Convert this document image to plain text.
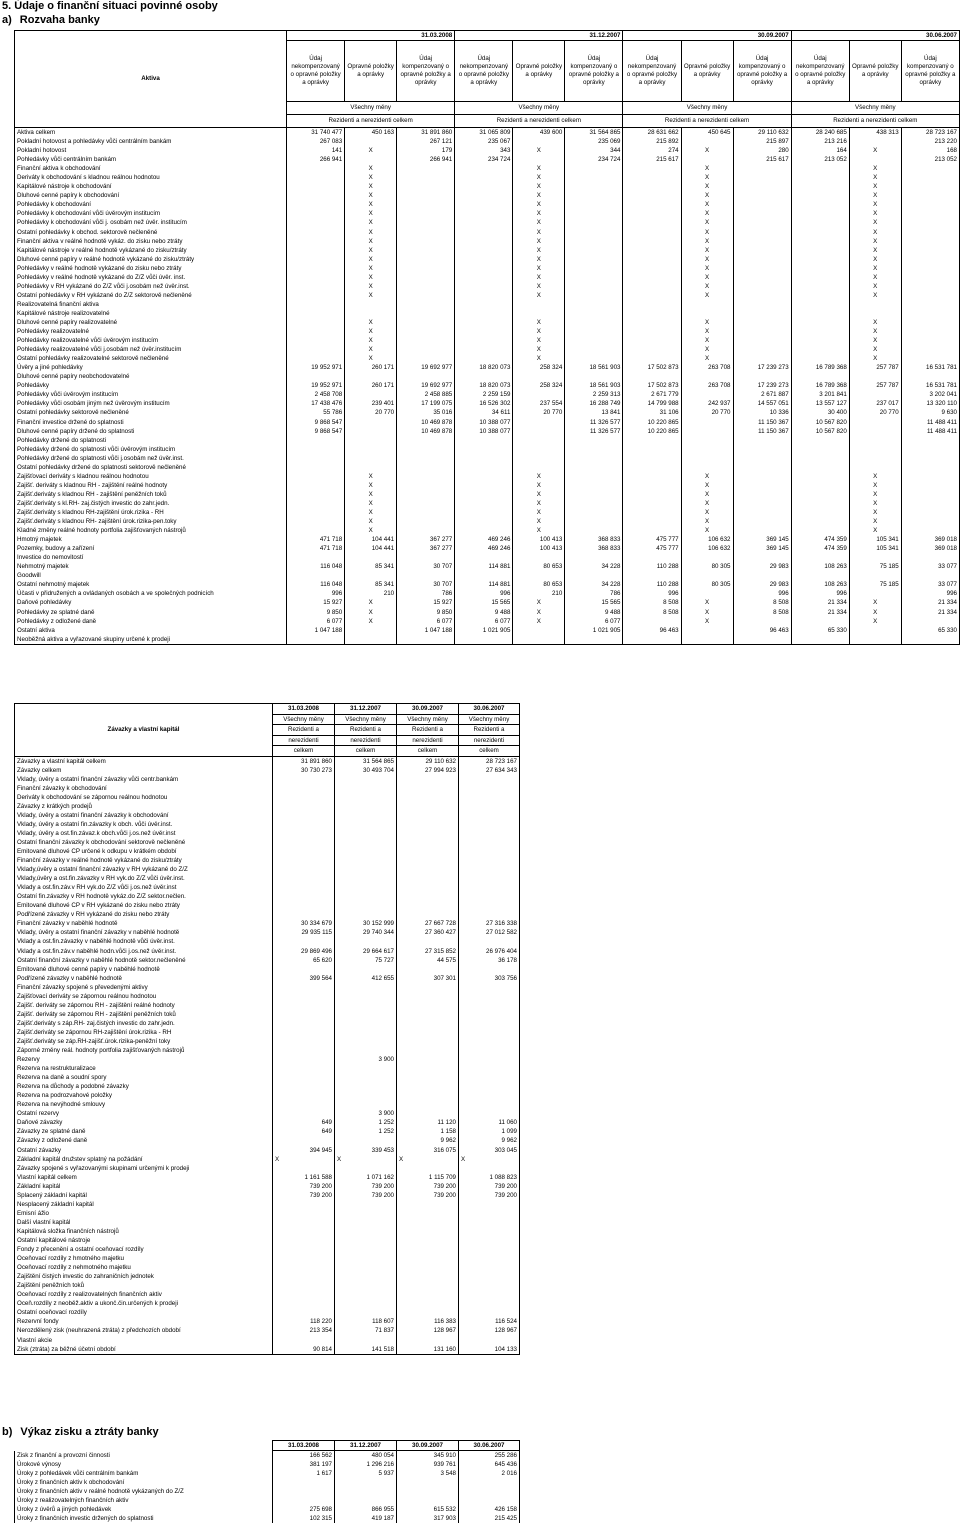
5. Údaje o finanční situaci povinné osoby
a) Rozvaha banky
Aktiva	31.03.2008			31.12.2007			30.09.2007			30.06.2007		
	Údaj nekompenzovaný o opravné položky a oprávky	Opravné položky a oprávky	Údaj kompenzovaný o opravné položky a oprávky	Údaj nekompenzovaný o opravné položky a oprávky	Opravné položky a oprávky	Údaj kompenzovaný o opravné položky a oprávky	Údaj nekompenzovaný o opravné položky a oprávky	Opravné položky a oprávky	Údaj kompenzovaný o opravné položky a oprávky	Údaj nekompenzovaný o opravné položky a oprávky	Opravné položky a oprávky	Údaj kompenzovaný o opravné položky a oprávky
	Všechny měny			Všechny měny			Všechny měny			Všechny měny		
	Rezidenti a nerezidenti celkem			Rezidenti a nerezidenti celkem			Rezidenti a nerezidenti celkem			Rezidenti a nerezidenti celkem		
Aktiva celkem	31 740 477	450 163	31 891 860	31 065 809	439 600	31 564 865	28 631 662	450 645	29 110 632	28 240 685	438 313	28 723 167
Pokladní hotovost a pohledávky vůči centrálním bankám	267 083		267 121	235 067		235 069	215 892		215 897	213 216		213 220
Pokladní hotovost	141	X	179	343	X	344	274	X	280	164	X	168
Pohledávky vůči centrálním bankám	266 941		266 941	234 724		234 724	215 617		215 617	213 052		213 052
Finanční aktiva k obchodování		X			X			X			X	
Deriváty k obchodování s kladnou reálnou hodnotou		X			X			X			X	
Kapitálové nástroje k obchodování		X			X			X			X	
Dluhové cenné papíry k obchodování		X			X			X			X	
Pohledávky k obchodování		X			X			X			X	
Pohledávky k obchodování vůči úvěrovým institucím		X			X			X			X	
Pohledávky k obchodování vůči j. osobám než úvěr. institucím		X			X			X			X	
Ostatní pohledávky k obchod. sektorově nečleněné		X			X			X			X	
Finanční aktiva v reálné hodnotě vykáz. do zisku nebo ztráty		X			X			X			X	
Kapitálové nástroje v reálné hodnotě vykázané do zisku/ztráty		X			X			X			X	
Dluhové cenné papíry v reálné hodnotě vykázané do zisku/ztráty		X			X			X			X	
Pohledávky v reálné hodnotě vykázané do zisku nebo ztráty		X			X			X			X	
Pohledávky v reálné hodnotě vykázané do Z/Z vůči úvěr. inst.		X			X			X			X	
Pohledávky v RH vykázané do Z/Z vůči j.osobám než úvěr.inst.		X			X			X			X	
Ostatní pohledávky v RH vykázané do Z/Z sektorově nečleněné		X			X			X			X	
Realizovatelná finanční aktiva												
Kapitálové nástroje realizovatelné												
Dluhové cenné papíry realizovatelné		X			X			X			X	
Pohledávky realizovatelné		X			X			X			X	
Pohledávky realizovatelné vůči úvěrovým institucím		X			X			X			X	
Pohledávky realizovatelné vůči j.osobám než úvěr.institucím		X			X			X			X	
Ostatní pohledávky realizovatelné sektorově nečleněné		X			X			X			X	
Úvěry a jiné pohledávky	19 952 971	260 171	19 692 977	18 820 073	258 324	18 561 903	17 502 873	263 708	17 239 273	16 789 368	257 787	16 531 781
Dluhové cenné papíry neobchodovatelné												
Pohledávky	19 952 971	260 171	19 692 977	18 820 073	258 324	18 561 903	17 502 873	263 708	17 239 273	16 789 368	257 787	16 531 781
Pohledávky vůči úvěrovým institucím	2 458 708		2 458 885	2 259 159		2 259 313	2 671 779		2 671 887	3 201 841		3 202 041
Pohledávky vůči osobám jiným než úvěrovým institucím	17 438 476	239 401	17 199 075	16 526 302	237 554	16 288 749	14 799 988	242 937	14 557 051	13 557 127	237 017	13 320 110
Ostatní pohledávky sektorově nečleněné	55 786	20 770	35 016	34 611	20 770	13 841	31 106	20 770	10 336	30 400	20 770	9 630
Finanční investice držené do splatnosti	9 868 547		10 469 878	10 388 077		11 326 577	10 220 865		11 150 367	10 567 820		11 488 411
Dluhové cenné papíry držené do splatnosti	9 868 547		10 469 878	10 388 077		11 326 577	10 220 865		11 150 367	10 567 820		11 488 411
Pohledávky držené do splatnosti												
Pohledávky držené do splatnosti vůči úvěrovým institucím												
Pohledávky držené do splatnosti vůči j.osobám než úvěr.inst.												
Ostatní pohledávky držené do splatnosti sektorově nečleněné												
Zajišťovací deriváty s kladnou reálnou hodnotou		X			X			X			X	
Zajišť. deriváty s kladnou RH - zajištění reálné hodnoty		X			X			X			X	
Zajišť.deriváty s kladnou RH - zajištění peněžních toků		X			X			X			X	
Zajišť.deriváty s kl.RH- zaj.čistých investic do zahr.jedn.		X			X			X			X	
Zajišť.deriváty s kladnou RH-zajištění úrok.rizika - RH		X			X			X			X	
Zajišť.deriváty s kladnou RH- zajištění úrok.rizika-pen.toky		X			X			X			X	
Kladné změny reálné hodnoty portfolia zajišťovaných nástrojů		X			X			X			X	
Hmotný majetek	471 718	104 441	367 277	469 246	100 413	368 833	475 777	106 632	369 145	474 359	105 341	369 018
Pozemky, budovy a zařízení	471 718	104 441	367 277	469 246	100 413	368 833	475 777	106 632	369 145	474 359	105 341	369 018
Investice do nemovitostí												
Nehmotný majetek	116 048	85 341	30 707	114 881	80 653	34 228	110 288	80 305	29 983	108 263	75 185	33 077
Goodwill												
Ostatní nehmotný majetek	116 048	85 341	30 707	114 881	80 653	34 228	110 288	80 305	29 983	108 263	75 185	33 077
Účasti v přidružených a ovládaných osobách a ve společných podnicích	996	210	786	996	210	786	996		996	996		996
Daňové pohledávky	15 927	X	15 927	15 565	X	15 565	8 508	X	8 508	21 334	X	21 334
Pohledávky ze splatné daně	9 850	X	9 850	9 488	X	9 488	8 508	X	8 508	21 334	X	21 334
Pohledávky z odložené daně	6 077	X	6 077	6 077	X	6 077		X			X	
Ostatní aktiva	1 047 188		1 047 188	1 021 905		1 021 905	96 463		96 463	65 330		65 330
Neoběžná aktiva a vyřazované skupiny určené k prodeji												
Závazky a vlastní kapitál	31.03.2008	31.12.2007	30.09.2007	30.06.2007
	Všechny měny	Všechny měny	Všechny měny	Všechny měny
	Rezidenti a	Rezidenti a	Rezidenti a	Rezidenti a
	nerezidenti	nerezidenti	nerezidenti	nerezidenti
	celkem	celkem	celkem	celkem
Závazky a vlastní kapitál celkem	31 891 860	31 564 865	29 110 632	28 723 167
Závazky celkem	30 730 273	30 493 704	27 994 923	27 634 343
Vklady, úvěry a ostatní finanční závazky vůči centr.bankám				
Finanční závazky k obchodování				
Deriváty k obchodování se zápornou reálnou hodnotou				
Závazky z krátkých prodejů				
Vklady, úvěry a ostatní finanční závazky k obchodování				
Vklady, úvěry a ostatní fin.závazky k obch. vůči úvěr.inst.				
Vklady, úvěry a ost.fin.závaz.k obch.vůči j.os.než úvěr.inst				
Ostatní finanční závazky k obchodování sektorově nečleněné				
Emitované dluhové CP určené k odkupu v krátkém období				
Finanční závazky v reálné hodnotě vykázané do zisku/ztráty				
Vklady,úvěry a ostatní finanční závazky v RH vykázané do Z/Z				
Vklady,úvěry a ost.fin.závazky v RH vyk.do Z/Z vůči úvěr.inst.				
Vklady a ost.fin.záv.v RH vyk.do Z/Z vůči j.os.než úvěr.inst				
Ostatní fin.závazky v RH hodnotě vykáz.do Z/Z sektor.nečlen.				
Emitované dluhové CP v RH vykázané do zisku nebo ztráty				
Podřízené závazky v RH vykázané do zisku nebo ztráty				
Finanční závazky v naběhlé hodnotě	30 334 679	30 152 999	27 667 728	27 316 338
Vklady, úvěry a ostatní finanční závazky v naběhlé hodnotě	29 935 115	29 740 344	27 360 427	27 012 582
Vklady a ost.fin.závazky v naběhlé hodnotě vůči úvěr.inst.				
Vklady a ost.fin.záv.v naběhlé hodn.vůči j.os.než úvěr.inst.	29 869 496	29 664 617	27 315 852	26 976 404
Ostatní finanční závazky v naběhlé hodnotě sektor.nečleněné	65 620	75 727	44 575	36 178
Emitované dluhové cenné papíry v naběhlé hodnotě				
Podřízené závazky v naběhlé hodnotě	399 564	412 655	307 301	303 756
Finanční závazky spojené s převedenými aktivy				
Zajišťovací deriváty se zápornou reálnou hodnotou				
Zajišť. deriváty se zápornou RH - zajištění reálné hodnoty				
Zajišť. deriváty se zápornou RH - zajištění peněžních toků				
Zajišť.deriváty s záp.RH- zaj.čistých investic do zahr.jedn.				
Zajišť.deriváty se zápornou RH-zajištění úrok.rizika - RH				
Zajišť.deriváty se záp.RH-zajišť.úrok.rizika-peněžní toky				
Záporné změny reál. hodnoty portfolia zajišťovaných nástrojů				
Rezervy		3 900		
Rezerva na restrukturalizace				
Rezerva na daně a soudní spory				
Rezerva na důchody a podobné závazky				
Rezerva na podrozvahové položky				
Rezerva na nevýhodné smlouvy				
Ostatní rezervy		3 900		
Daňové závazky	649	1 252	11 120	11 060
Závazky ze splatné daně	649	1 252	1 158	1 099
Závazky z odložené daně			9 962	9 962
Ostatní závazky	394 945	339 453	316 075	303 045
Základní kapitál družstev splatný na požádání	X	X	X	X
Závazky spojené s vyřazovanými skupinami určenými k prodeji				
Vlastní kapitál celkem	1 161 588	1 071 162	1 115 709	1 088 823
Základní kapitál	739 200	739 200	739 200	739 200
Splacený základní kapitál	739 200	739 200	739 200	739 200
Nesplacený základní kapitál				
Emisní ážio				
Další vlastní kapitál				
Kapitálová složka finančních nástrojů				
Ostatní kapitálové nástroje				
Fondy z přecenění a ostatní oceňovací rozdíly				
Oceňovací rozdíly z hmotného majetku				
Oceňovací rozdíly z nehmotného majetku				
Zajištění čistých investic do zahraničních jednotek				
Zajištění peněžních toků				
Oceňovací rozdíly z realizovatelných finančních aktiv				
Oceň.rozdíly z neoběž.aktiv a ukonč.čin.určených k prodeji				
Ostatní oceňovací rozdíly				
Rezervní fondy	118 220	118 607	116 383	116 524
Nerozdělený zisk (neuhrazená ztráta) z předchozích období	213 354	71 837	128 967	128 967
Vlastní akcie				
Zisk (ztráta) za běžné účetní období	90 814	141 518	131 160	104 133
b) Výkaz zisku a ztráty banky
	31.03.2008	31.12.2007	30.09.2007	30.06.2007
Zisk z finanční a provozní činnosti	166 562	480 054	345 910	255 286
Úrokové výnosy	381 197	1 296 216	939 761	645 436
Úroky z pohledávek vůči centrálním bankám	1 617	5 937	3 548	2 016
Úroky z finančních aktiv k obchodování				
Úroky z finančních aktiv v reálné hodnotě vykázaných do Z/Z				
Úroky z realizovatelných finančních aktiv				
Úroky z úvěrů a jiných pohledávek	275 698	866 955	615 532	426 158
Úroky z finančních investic držených do splatnosti	102 315	419 187	317 903	215 425
